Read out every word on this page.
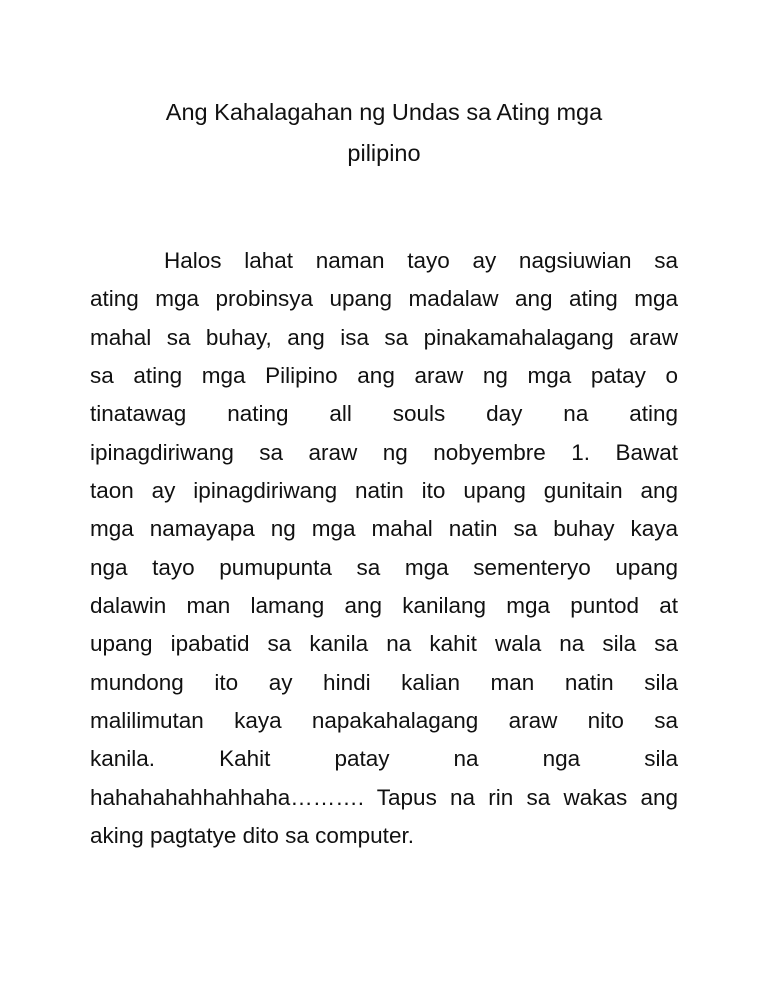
Ang Kahalagahan ng Undas sa Ating mga
pilipino
Halos lahat naman tayo ay nagsiuwian sa
ating mga probinsya upang madalaw ang ating mga
mahal sa buhay, ang isa sa pinakamahalagang araw
sa ating mga Pilipino ang araw ng mga patay o
tinatawag nating all souls day na ating
ipinagdiriwang sa araw ng nobyembre 1. Bawat
taon ay ipinagdiriwang natin ito upang gunitain ang
mga namayapa ng mga mahal natin sa buhay kaya
nga tayo pumupunta sa mga sementeryo upang
dalawin man lamang ang kanilang mga puntod at
upang ipabatid sa kanila na kahit wala na sila sa
mundong ito ay hindi kalian man natin sila
malilimutan kaya napakahalagang araw nito sa
kanila. Kahit patay na nga sila
hahahahahhahhaha………. Tapus na rin sa wakas ang
aking pagtatye dito sa computer.
